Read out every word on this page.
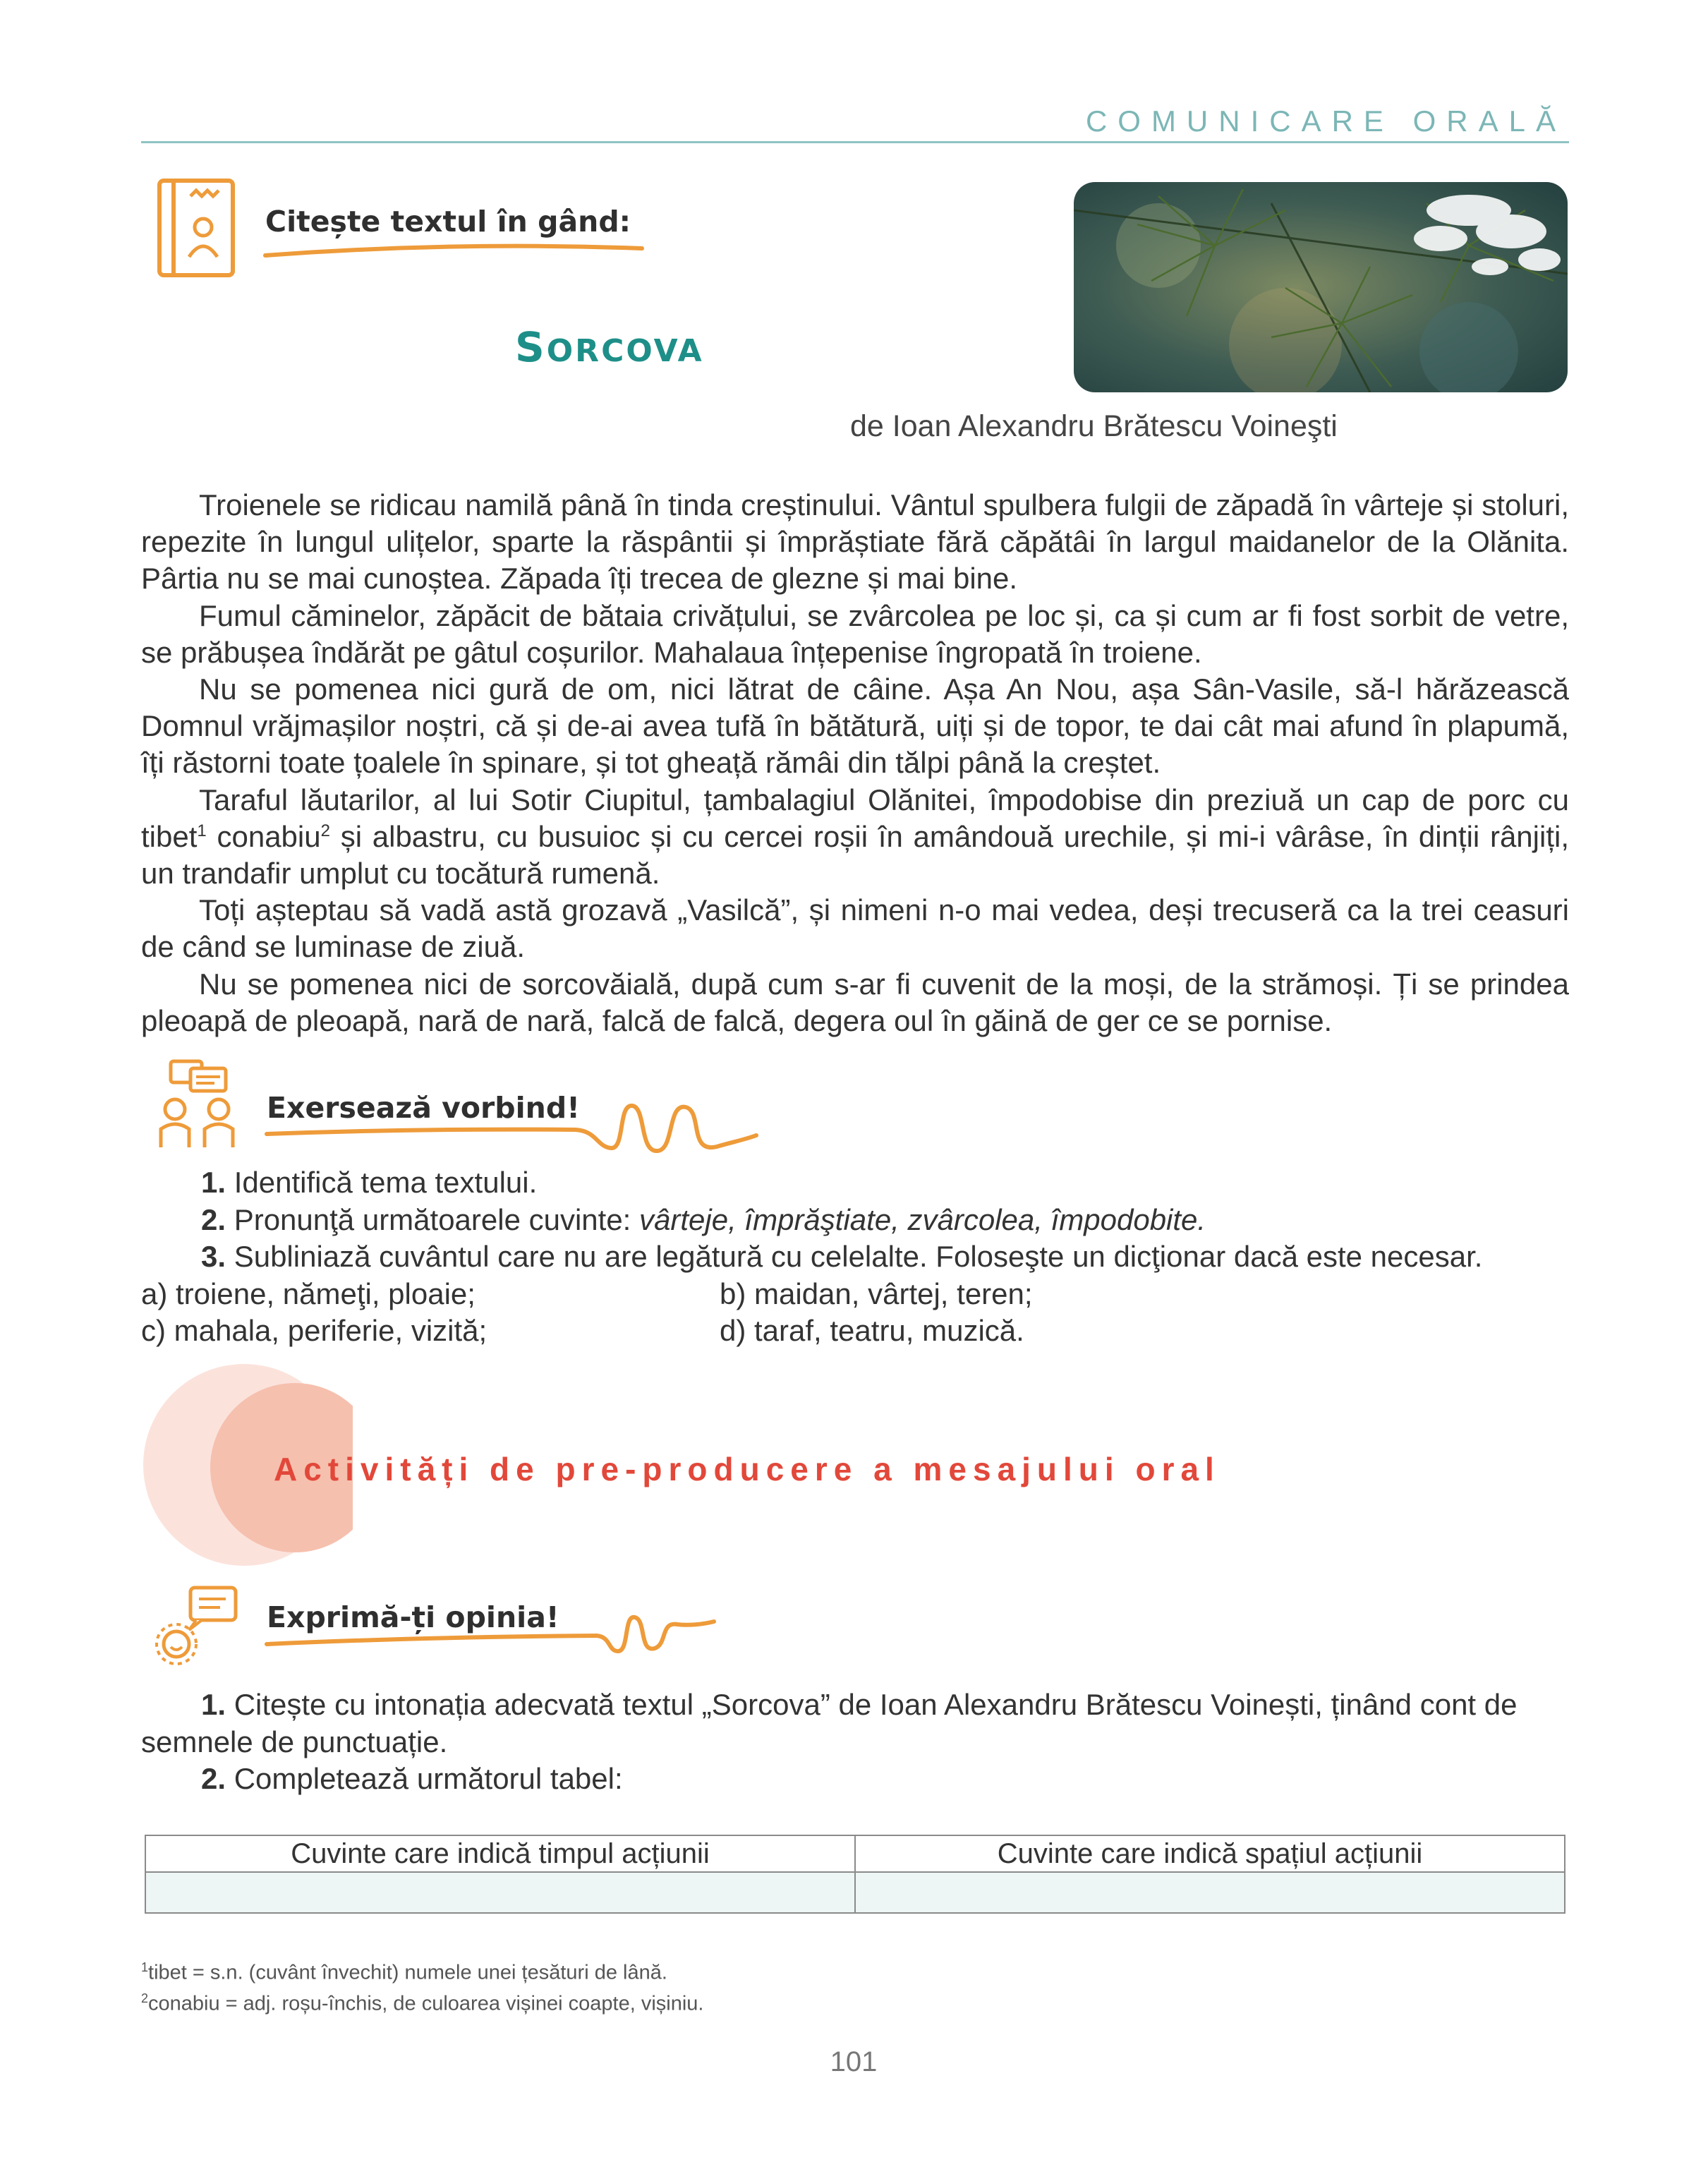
COMUNICARE ORALĂ
Citește textul în gând:
SORCOVA
de Ioan Alexandru Brătescu Voineşti

Troienele se ridicau namilă până în tinda creștinului. Vântul spulbera fulgii de zăpadă în vârteje și stoluri, repezite în lungul ulițelor, sparte la răspântii și împrăștiate fără căpătâi în largul maidanelor de la Olănita. Pârtia nu se mai cunoștea. Zăpada îți trecea de glezne și mai bine.

Fumul căminelor, zăpăcit de bătaia crivățului, se zvârcolea pe loc și, ca și cum ar fi fost sorbit de vetre, se prăbușea îndărăt pe gâtul coșurilor. Mahalaua înțepenise îngropată în troiene.

Nu se pomenea nici gură de om, nici lătrat de câine. Așa An Nou, așa Sân-Vasile, să-l hărăzească Domnul vrăjmașilor noștri, că și de-ai avea tufă în bătătură, uiți și de topor, te dai cât mai afund în plapumă, îți răstorni toate țoalele în spinare, și tot gheață rămâi din tălpi până la creștet.

Taraful lăutarilor, al lui Sotir Ciupitul, țambalagiul Olănitei, împodobise din preziuă un cap de porc cu tibet$^1$ conabiu$^2$ și albastru, cu busuioc și cu cercei roșii în amândouă urechile, și mi-i vârâse, în dinții rânjiți, un trandafir umplut cu tocătură rumenă.

Toți așteptau să vadă astă grozavă „Vasilcă”, și nimeni n-o mai vedea, deși trecuseră ca la trei ceasuri de când se luminase de ziuă.

Nu se pomenea nici de sorcovăială, după cum s-ar fi cuvenit de la moși, de la strămoși. Ți se prindea pleoapă de pleoapă, nară de nară, falcă de falcă, degera oul în găină de ger ce se pornise.

Exersează vorbind!
1. Identifică tema textului.
2. Pronunţă următoarele cuvinte: vârteje, împrăştiate, zvârcolea, împodobite.
3. Subliniază cuvântul care nu are legătură cu celelalte. Foloseşte un dicţionar dacă este necesar.
a) troiene, nămeţi, ploaie;	b) maidan, vârtej, teren;
c) mahala, periferie, vizită;	d) taraf, teatru, muzică.
Activități de pre-producere a mesajului oral
Exprimă-ți opinia!

1. Citește cu intonația adecvată textul „Sorcova” de Ioan Alexandru Brătescu Voinești, ținând cont de semnele de punctuație.

2. Completează următorul tabel:

Cuvinte care indică timpul acțiunii	Cuvinte care indică spațiul acțiunii

$^1$tibet = s.n. (cuvânt învechit) numele unei țesături de lână.
$^2$conabiu = adj. roșu-închis, de culoarea vișinei coapte, vișiniu.
101
